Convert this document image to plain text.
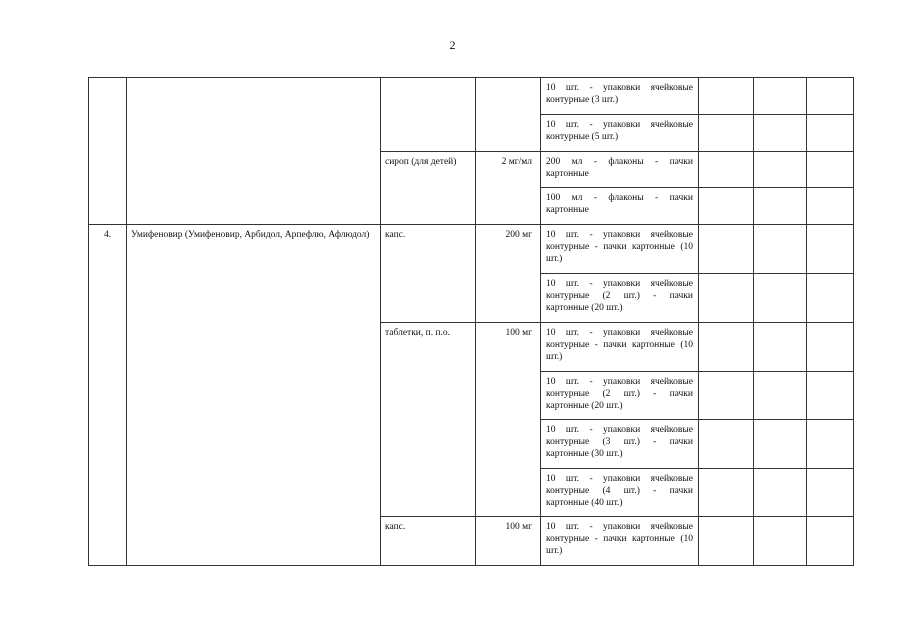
2
				10 шт. - упаковки ячейковые контурные (3 шт.)			
				10 шт. - упаковки ячейковые контурные (5 шт.)			
		сироп (для детей)	2 мг/мл	200 мл - флаконы - пачки картонные			
				100 мл - флаконы - пачки картонные			
4.	Умифеновир (Умифеновир, Арбидол, Арпефлю, Афлюдол)	капс.	200 мг	10 шт. - упаковки ячейковые контурные - пачки картонные (10 шт.)			
				10 шт. - упаковки ячейковые контурные (2 шт.) - пачки картонные (20 шт.)			
		таблетки, п. п.о.	100 мг	10 шт. - упаковки ячейковые контурные - пачки картонные (10 шт.)			
				10 шт. - упаковки ячейковые контурные (2 шт.) - пачки картонные (20 шт.)			
				10 шт. - упаковки ячейковые контурные (3 шт.) - пачки картонные (30 шт.)			
				10 шт. - упаковки ячейковые контурные (4 шт.) - пачки картонные (40 шт.)			
		капс.	100 мг	10 шт. - упаковки ячейковые контурные - пачки картонные (10 шт.)			
